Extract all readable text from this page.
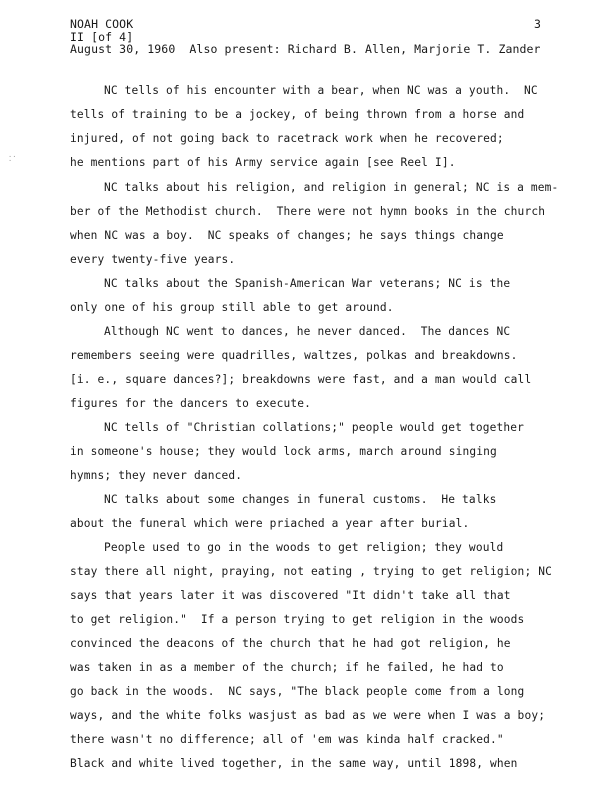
NOAH COOK
II [of 4]
August 30, 1960  Also present: Richard B. Allen, Marjorie T. Zander
3
·· ·
NC tells of his encounter with a bear, when NC was a youth.  NC
tells of training to be a jockey, of being thrown from a horse and
injured, of not going back to racetrack work when he recovered;
he mentions part of his Army service again [see Reel I].
NC talks about his religion, and religion in general; NC is a mem-
ber of the Methodist church.  There were not hymn books in the church
when NC was a boy.  NC speaks of changes; he says things change
every twenty-five years.
NC talks about the Spanish-American War veterans; NC is the
only one of his group still able to get around.
Although NC went to dances, he never danced.  The dances NC
remembers seeing were quadrilles, waltzes, polkas and breakdowns.
[i. e., square dances?]; breakdowns were fast, and a man would call
figures for the dancers to execute.
NC tells of "Christian collations;" people would get together
in someone's house; they would lock arms, march around singing
hymns; they never danced.
NC talks about some changes in funeral customs.  He talks
about the funeral which were priached a year after burial.
People used to go in the woods to get religion; they would
stay there all night, praying, not eating , trying to get religion; NC
says that years later it was discovered "It didn't take all that
to get religion."  If a person trying to get religion in the woods
convinced the deacons of the church that he had got religion, he
was taken in as a member of the church; if he failed, he had to
go back in the woods.  NC says, "The black people come from a long
ways, and the white folks wasjust as bad as we were when I was a boy;
there wasn't no difference; all of 'em was kinda half cracked."
Black and white lived together, in the same way, until 1898, when
